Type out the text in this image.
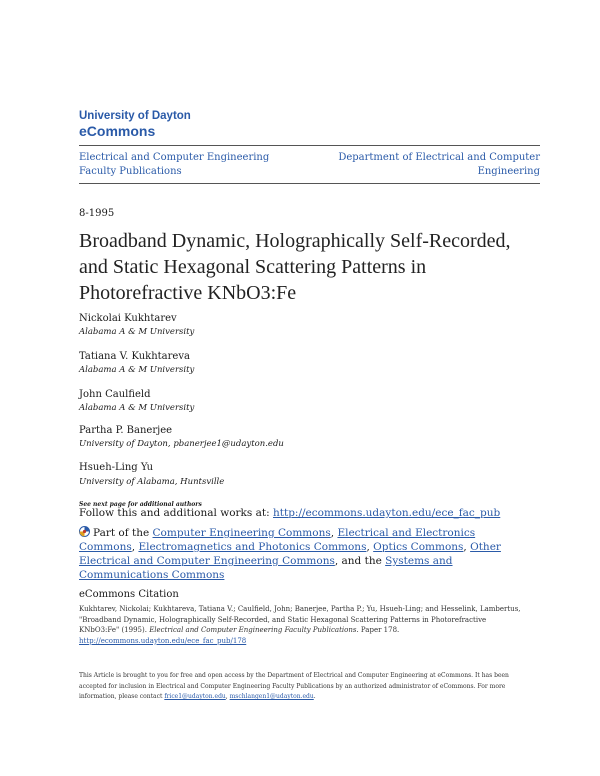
University of Dayton
eCommons
Electrical and Computer Engineering Faculty Publications
Department of Electrical and Computer Engineering
8-1995
Broadband Dynamic, Holographically Self-Recorded, and Static Hexagonal Scattering Patterns in Photorefractive KNbO3:Fe
Nickolai Kukhtarev
Alabama A & M University
Tatiana V. Kukhtareva
Alabama A & M University
John Caulfield
Alabama A & M University
Partha P. Banerjee
University of Dayton, pbanerjee1@udayton.edu
Hsueh-Ling Yu
University of Alabama, Huntsville
See next page for additional authors
Follow this and additional works at: http://ecommons.udayton.edu/ece_fac_pub
Part of the Computer Engineering Commons, Electrical and Electronics Commons, Electromagnetics and Photonics Commons, Optics Commons, Other Electrical and Computer Engineering Commons, and the Systems and Communications Commons
eCommons Citation
Kukhtarev, Nickolai; Kukhtareva, Tatiana V.; Caulfield, John; Banerjee, Partha P.; Yu, Hsueh-Ling; and Hesselink, Lambertus, "Broadband Dynamic, Holographically Self-Recorded, and Static Hexagonal Scattering Patterns in Photorefractive KNbO3:Fe" (1995). Electrical and Computer Engineering Faculty Publications. Paper 178.
http://ecommons.udayton.edu/ece_fac_pub/178
This Article is brought to you for free and open access by the Department of Electrical and Computer Engineering at eCommons. It has been accepted for inclusion in Electrical and Computer Engineering Faculty Publications by an authorized administrator of eCommons. For more information, please contact frice1@udayton.edu, mschlangen1@udayton.edu.
